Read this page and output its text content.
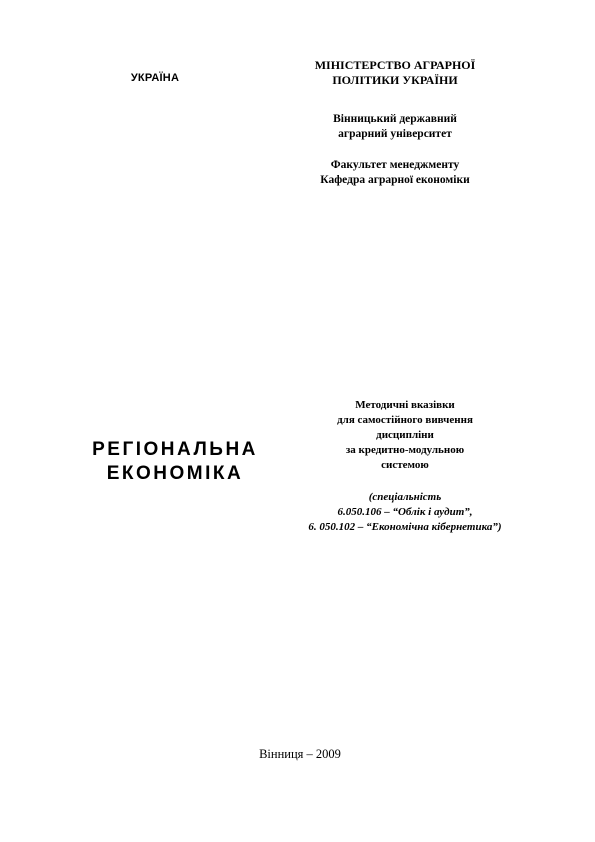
УКРАЇНА
МІНІСТЕРСТВО АГРАРНОЇ
ПОЛІТИКИ УКРАЇНИ
Вінницький державний
аграрний університет
Факультет менеджменту
Кафедра аграрної економіки
РЕГІОНАЛЬНА
ЕКОНОМІКА
Методичні вказівки
для самостійного вивчення
дисципліни
за кредитно-модульною
системою
(спеціальність
6.050.106 – “Облік і аудит”,
6. 050.102 – “Економічна кібернетика”)
Вінниця – 2009
